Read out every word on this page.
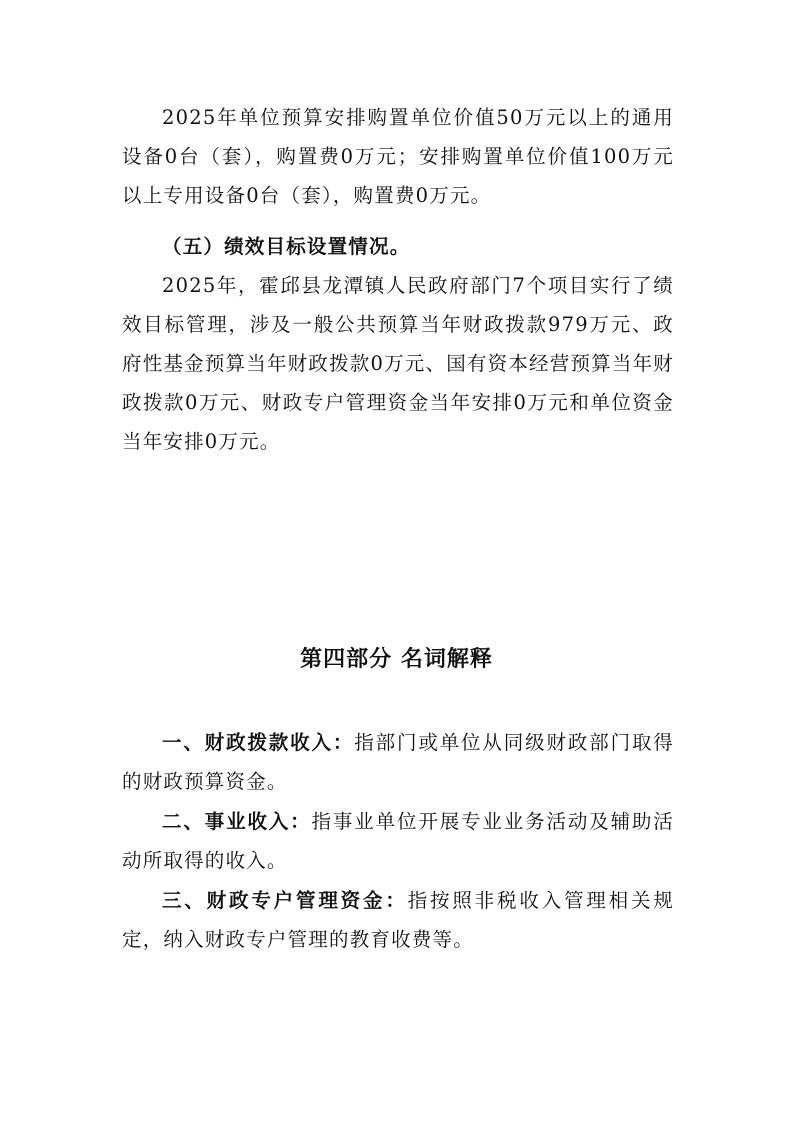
2025年单位预算安排购置单位价值50万元以上的通用设备0台（套），购置费0万元；安排购置单位价值100万元以上专用设备0台（套），购置费0万元。

（五）绩效目标设置情况。

2025年，霍邱县龙潭镇人民政府部门7个项目实行了绩效目标管理，涉及一般公共预算当年财政拨款979万元、政府性基金预算当年财政拨款0万元、国有资本经营预算当年财政拨款0万元、财政专户管理资金当年安排0万元和单位资金当年安排0万元。

第四部分 名词解释

一、财政拨款收入：指部门或单位从同级财政部门取得的财政预算资金。

二、事业收入：指事业单位开展专业业务活动及辅助活动所取得的收入。

三、财政专户管理资金：指按照非税收入管理相关规定，纳入财政专户管理的教育收费等。
